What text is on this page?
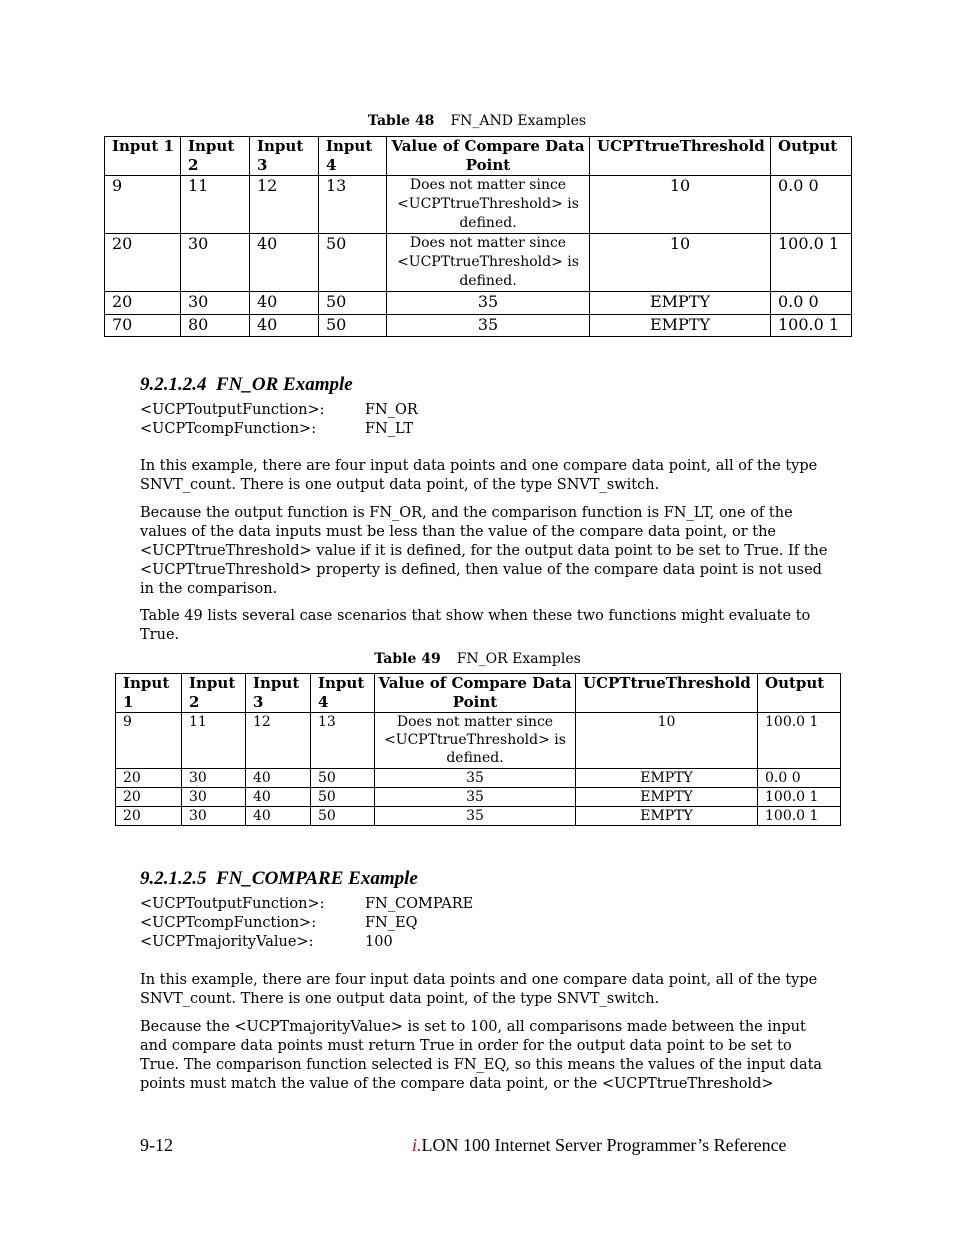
Table 48 FN_AND Examples
Input 1	Input 2	Input 3	Input 4	Value of Compare Data Point	UCPTtrueThreshold	Output
9	11	12	13	Does not matter since <UCPTtrueThreshold> is defined.	10	0.0 0
20	30	40	50	Does not matter since <UCPTtrueThreshold> is defined.	10	100.0 1
20	30	40	50	35	EMPTY	0.0 0
70	80	40	50	35	EMPTY	100.0 1
9.2.1.2.4  FN_OR Example
<UCPToutputFunction>:	FN_OR
<UCPTcompFunction>:	FN_LT
In this example, there are four input data points and one compare data point, all of the type SNVT_count. There is one output data point, of the type SNVT_switch.
Because the output function is FN_OR, and the comparison function is FN_LT, one of the values of the data inputs must be less than the value of the compare data point, or the <UCPTtrueThreshold> value if it is defined, for the output data point to be set to True. If the <UCPTtrueThreshold> property is defined, then value of the compare data point is not used in the comparison.
Table 49 lists several case scenarios that show when these two functions might evaluate to True.
Table 49 FN_OR Examples
Input 1	Input 2	Input 3	Input 4	Value of Compare Data Point	UCPTtrueThreshold	Output
9	11	12	13	Does not matter since <UCPTtrueThreshold> is defined.	10	100.0 1
20	30	40	50	35	EMPTY	0.0 0
20	30	40	50	35	EMPTY	100.0 1
20	30	40	50	35	EMPTY	100.0 1
9.2.1.2.5  FN_COMPARE Example
<UCPToutputFunction>:	FN_COMPARE
<UCPTcompFunction>:	FN_EQ
<UCPTmajorityValue>:	100
In this example, there are four input data points and one compare data point, all of the type SNVT_count. There is one output data point, of the type SNVT_switch.
Because the <UCPTmajorityValue> is set to 100, all comparisons made between the input and compare data points must return True in order for the output data point to be set to True. The comparison function selected is FN_EQ, so this means the values of the input data points must match the value of the compare data point, or the <UCPTtrueThreshold>
9-12	i.LON 100 Internet Server Programmer’s Reference
